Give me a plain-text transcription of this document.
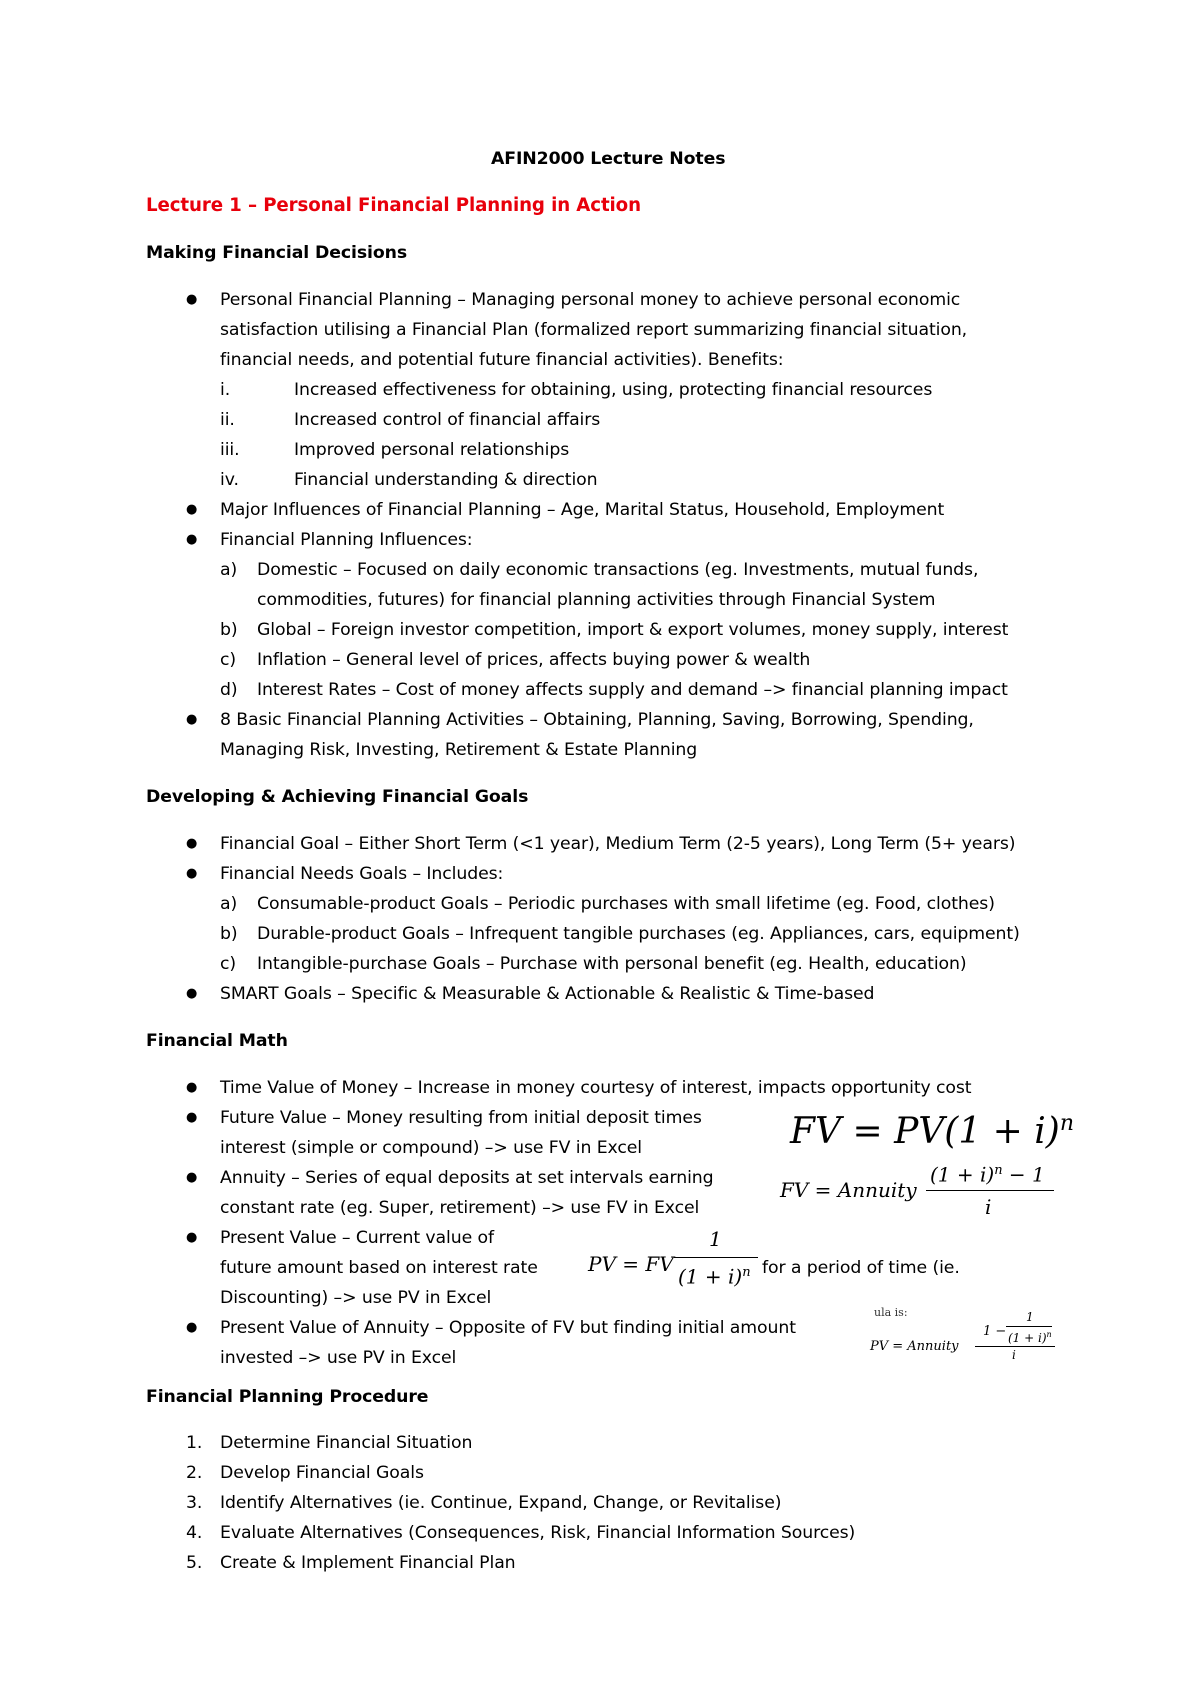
AFIN2000 Lecture Notes
Lecture 1 – Personal Financial Planning in Action
Making Financial Decisions
● Personal Financial Planning – Managing personal money to achieve personal economic
satisfaction utilising a Financial Plan (formalized report summarizing financial situation,
financial needs, and potential future financial activities). Benefits:
i.	Increased effectiveness for obtaining, using, protecting financial resources
ii.	Increased control of financial affairs
iii.	Improved personal relationships
iv.	Financial understanding & direction
● Major Influences of Financial Planning – Age, Marital Status, Household, Employment
● Financial Planning Influences:
a) Domestic – Focused on daily economic transactions (eg. Investments, mutual funds,
commodities, futures) for financial planning activities through Financial System
b) Global – Foreign investor competition, import & export volumes, money supply, interest
c) Inflation – General level of prices, affects buying power & wealth
d) Interest Rates – Cost of money affects supply and demand –> financial planning impact
● 8 Basic Financial Planning Activities – Obtaining, Planning, Saving, Borrowing, Spending,
Managing Risk, Investing, Retirement & Estate Planning
Developing & Achieving Financial Goals
● Financial Goal – Either Short Term (<1 year), Medium Term (2-5 years), Long Term (5+ years)
● Financial Needs Goals – Includes:
a) Consumable-product Goals – Periodic purchases with small lifetime (eg. Food, clothes)
b) Durable-product Goals – Infrequent tangible purchases (eg. Appliances, cars, equipment)
c) Intangible-purchase Goals – Purchase with personal benefit (eg. Health, education)
● SMART Goals – Specific & Measurable & Actionable & Realistic & Time-based
Financial Math
● Time Value of Money – Increase in money courtesy of interest, impacts opportunity cost
● Future Value – Money resulting from initial deposit times
interest (simple or compound) –> use FV in Excel
● Annuity – Series of equal deposits at set intervals earning
constant rate (eg. Super, retirement) –> use FV in Excel
● Present Value – Current value of
future amount based on interest rate	for a period of time (ie.
Discounting) –> use PV in Excel
● Present Value of Annuity – Opposite of FV but finding initial amount
invested –> use PV in Excel
FV = $PV(1 + i)^n$
FV = Annuity
$(1 + i)^n - 1$
i
PV = FV
1
$(1 + i)^n$
ula is:
PV = Annuity
1 −
1
$(1 + i)^n$
i
Financial Planning Procedure
1. Determine Financial Situation
2. Develop Financial Goals
3. Identify Alternatives (ie. Continue, Expand, Change, or Revitalise)
4. Evaluate Alternatives (Consequences, Risk, Financial Information Sources)
5. Create & Implement Financial Plan
